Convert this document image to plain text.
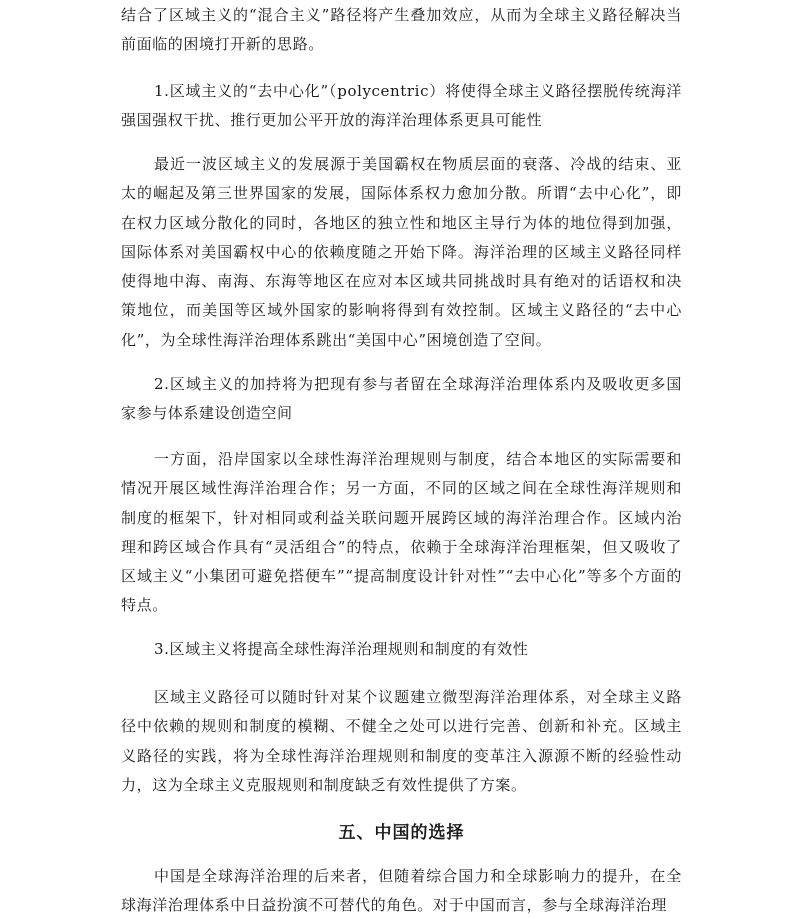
结合了区域主义的“混合主义”路径将产生叠加效应，从而为全球主义路径解决当前面临的困境打开新的思路。

1.区域主义的“去中心化”（polycentric）将使得全球主义路径摆脱传统海洋强国强权干扰、推行更加公平开放的海洋治理体系更具可能性

最近一波区域主义的发展源于美国霸权在物质层面的衰落、冷战的结束、亚太的崛起及第三世界国家的发展，国际体系权力愈加分散。所谓“去中心化”，即在权力区域分散化的同时，各地区的独立性和地区主导行为体的地位得到加强，国际体系对美国霸权中心的依赖度随之开始下降。海洋治理的区域主义路径同样使得地中海、南海、东海等地区在应对本区域共同挑战时具有绝对的话语权和决策地位，而美国等区域外国家的影响将得到有效控制。区域主义路径的“去中心化”，为全球性海洋治理体系跳出“美国中心”困境创造了空间。

2.区域主义的加持将为把现有参与者留在全球海洋治理体系内及吸收更多国家参与体系建设创造空间

一方面，沿岸国家以全球性海洋治理规则与制度，结合本地区的实际需要和情况开展区域性海洋治理合作；另一方面，不同的区域之间在全球性海洋规则和制度的框架下，针对相同或利益关联问题开展跨区域的海洋治理合作。区域内治理和跨区域合作具有“灵活组合”的特点，依赖于全球海洋治理框架，但又吸收了区域主义“小集团可避免搭便车”“提高制度设计针对性”“去中心化”等多个方面的特点。

3.区域主义将提高全球性海洋治理规则和制度的有效性

区域主义路径可以随时针对某个议题建立微型海洋治理体系，对全球主义路径中依赖的规则和制度的模糊、不健全之处可以进行完善、创新和补充。区域主义路径的实践，将为全球性海洋治理规则和制度的变革注入源源不断的经验性动力，这为全球主义克服规则和制度缺乏有效性提供了方案。

五、中国的选择

中国是全球海洋治理的后来者，但随着综合国力和全球影响力的提升，在全球海洋治理体系中日益扮演不可替代的角色。对于中国而言，参与全球海洋治理
